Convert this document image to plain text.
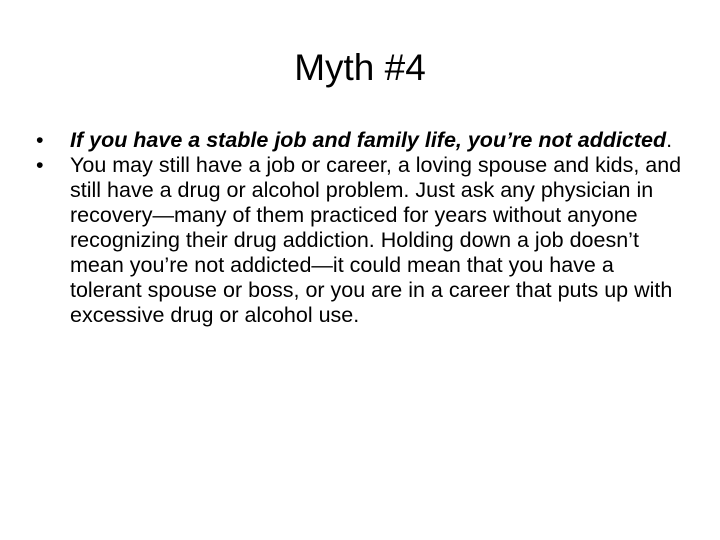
Myth #4
•	If you have a stable job and family life, you’re not addicted.
•	You may still have a job or career, a loving spouse and kids, and still have a drug or alcohol problem. Just ask any physician in recovery—many of them practiced for years without anyone recognizing their drug addiction. Holding down a job doesn’t mean you’re not addicted—it could mean that you have a tolerant spouse or boss, or you are in a career that puts up with excessive drug or alcohol use.
